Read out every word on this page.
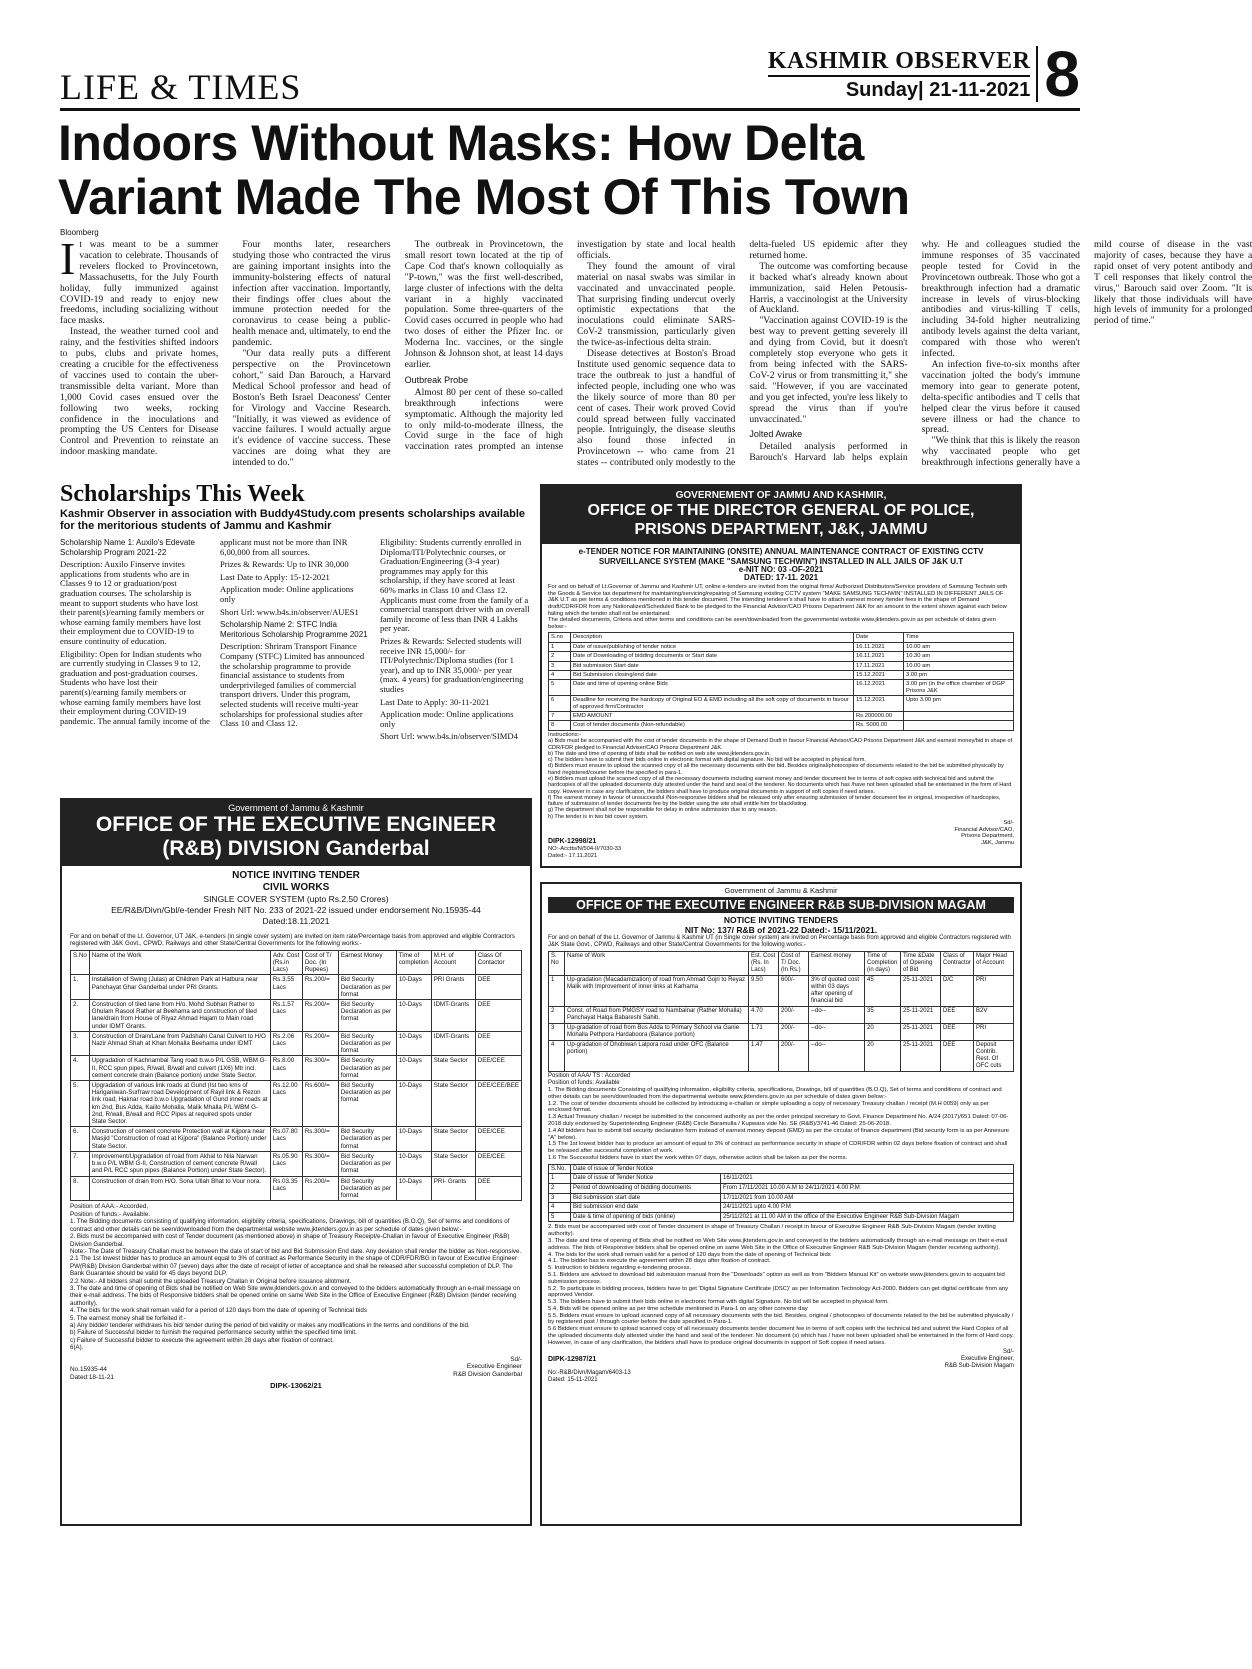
LIFE & TIMES
KASHMIR OBSERVER
Sunday| 21-11-2021 8
Indoors Without Masks: How Delta
Variant Made The Most Of This Town
Bloomberg

It was meant to be a summer vacation to celebrate. Thousands of revelers flocked to Provincetown, Massachusetts, for the July Fourth holiday, fully immunized against COVID-19 and ready to enjoy new freedoms, including socializing without face masks.

Instead, the weather turned cool and rainy, and the festivities shifted indoors to pubs, clubs and private homes, creating a crucible for the effectiveness of vaccines used to contain the uber-transmissible delta variant. More than 1,000 Covid cases ensued over the following two weeks, rocking confidence in the inoculations and prompting the US Centers for Disease Control and Prevention to reinstate an indoor masking mandate.

Four months later, researchers studying those who contracted the virus are gaining important insights into the immunity-bolstering effects of natural infection after vaccination. Importantly, their findings offer clues about the immune protection needed for the coronavirus to cease being a public-health menace and, ultimately, to end the pandemic.

"Our data really puts a different perspective on the Provincetown cohort," said Dan Barouch, a Harvard Medical School professor and head of Boston's Beth Israel Deaconess' Center for Virology and Vaccine Research. "Initially, it was viewed as evidence of vaccine failures. I would actually argue it's evidence of vaccine success. These vaccines are doing what they are intended to do."

The outbreak in Provincetown, the small resort town located at the tip of Cape Cod that's known colloquially as "P-town," was the first well-described, large cluster of infections with the delta variant in a highly vaccinated population. Some three-quarters of the Covid cases occurred in people who had two doses of either the Pfizer Inc. or Moderna Inc. vaccines, or the single Johnson & Johnson shot, at least 14 days earlier.

Outbreak Probe

Almost 80 per cent of these so-called breakthrough infections were symptomatic. Although the majority led to only mild-to-moderate illness, the Covid surge in the face of high vaccination rates prompted an intense investigation by state and local health officials.

They found the amount of viral material on nasal swabs was similar in vaccinated and unvaccinated people. That surprising finding undercut overly optimistic expectations that the inoculations could eliminate SARS-CoV-2 transmission, particularly given the twice-as-infectious delta strain.

Disease detectives at Boston's Broad Institute used genomic sequence data to trace the outbreak to just a handful of infected people, including one who was the likely source of more than 80 per cent of cases. Their work proved Covid could spread between fully vaccinated people. Intriguingly, the disease sleuths also found those infected in Provincetown -- who came from 21 states -- contributed only modestly to the delta-fueled US epidemic after they returned home.

The outcome was comforting because it backed what's already known about immunization, said Helen Petousis-Harris, a vaccinologist at the University of Auckland.

"Vaccination against COVID-19 is the best way to prevent getting severely ill and dying from Covid, but it doesn't completely stop everyone who gets it from being infected with the SARS-CoV-2 virus or from transmitting it," she said. "However, if you are vaccinated and you get infected, you're less likely to spread the virus than if you're unvaccinated."

Jolted Awake

Detailed analysis performed in Barouch's Harvard lab helps explain why. He and colleagues studied the immune responses of 35 vaccinated people tested for Covid in the Provincetown outbreak. Those who got a breakthrough infection had a dramatic increase in levels of virus-blocking antibodies and virus-killing T cells, including 34-fold higher neutralizing antibody levels against the delta variant, compared with those who weren't infected.

An infection five-to-six months after vaccination jolted the body's immune memory into gear to generate potent, delta-specific antibodies and T cells that helped clear the virus before it caused severe illness or had the chance to spread.

"We think that this is likely the reason why vaccinated people who get breakthrough infections generally have a mild course of disease in the vast majority of cases, because they have a rapid onset of very potent antibody and T cell responses that likely control the virus," Barouch said over Zoom. "It is likely that those individuals will have high levels of immunity for a prolonged period of time."

Scholarships This Week
Kashmir Observer in association with Buddy4Study.com presents scholarships available for the meritorious students of Jammu and Kashmir

Scholarship Name 1: Auxilo's Edevate Scholarship Program 2021-22

Description: Auxilo Finserve invites applications from students who are in Classes 9 to 12 or graduation/post graduation courses. The scholarship is meant to support students who have lost their parent(s)/earning family members or whose earning family members have lost their employment due to COVID-19 to ensure continuity of education.

Eligibility: Open for Indian students who are currently studying in Classes 9 to 12, graduation and post-graduation courses. Students who have lost their parent(s)/earning family members or whose earning family members have lost their employment during COVID-19 pandemic. The annual family income of the applicant must not be more than INR 6,00,000 from all sources.

Prizes & Rewards: Up to INR 30,000

Last Date to Apply: 15-12-2021

Application mode: Online applications only

Short Url: www.b4s.in/observer/AUES1

Scholarship Name 2: STFC India Meritorious Scholarship Programme 2021

Description: Shriram Transport Finance Company (STFC) Limited has announced the scholarship programme to provide financial assistance to students from underprivileged families of commercial transport drivers. Under this program, selected students will receive multi-year scholarships for professional studies after Class 10 and Class 12.

Eligibility: Students currently enrolled in Diploma/ITI/Polytechnic courses, or Graduation/Engineering (3-4 year) programmes may apply for this scholarship, if they have scored at least 60% marks in Class 10 and Class 12. Applicants must come from the family of a commercial transport driver with an overall family income of less than INR 4 Lakhs per year.

Prizes & Rewards: Selected students will receive INR 15,000/- for ITI/Polytechnic/Diploma studies (for 1 year), and up to INR 35,000/- per year (max. 4 years) for graduation/engineering studies

Last Date to Apply: 30-11-2021

Application mode: Online applications only

Short Url: www.b4s.in/observer/SIMD4

GOVERNEMENT OF JAMMU AND KASHMIR,
OFFICE OF THE DIRECTOR GENERAL OF POLICE,
PRISONS DEPARTMENT, J&K, JAMMU
e-TENDER NOTICE FOR MAINTAINING (ONSITE) ANNUAL MAINTENANCE CONTRACT OF EXISTING CCTV SURVEILLANCE SYSTEM (MAKE "SAMSUNG TECHWIN") INSTALLED IN ALL JAILS OF J&K U.T
e-NIT NO: 03 -OF-2021
DATED: 17-11. 2021
For and on behalf of Lt.Governor of Jammu and Kashmir UT, online e-tenders are invited from the original firms/ Authorized Distributors/Service providers of Samsung Techwin with the Goods & Service tax department for maintaining/servicing/repairing of Samsung existing CCTV system "MAKE SAMSUNG TECHWIN" INSTALLED IN DIFFERENT JAILS OF J&K U.T as per terms & conditions mentioned in this tender document. The intending tenderer's shall have to attach earnest money /tender fees in the shape of Demand draft/CDR/FDR from any Nationalized/Scheduled Bank to be pledged to the Financial Advisor/CAO Prisons Department J&K for an amount to the extent shown against each below failing which the tender shall not be entertained.
The detailed documents, Criteria and other terms and conditions can be seen/downloaded from the governmental website www.jktenders.gov.in as per schedule of dates given below:-
S.no	Description	Date	Time
1	Date of issue/publishing of tender notice	16.11.2021	10.00 am
2	Date of Downloading of bidding documents or Start date	16.11.2021	10.30 am
3	Bid submission Start date	17.11.2021	10.00 am
4	Bid Submission closing/end date	15.12.2021	3.00 pm
5	Date and time of opening online Bids	16.12.2021	3.00 pm (in the office chamber of DGP Prisons J&K
6	Deadline for receiving the hardcopy of Original EO & EMD including all the soft copy of documents in favour of approved firm/Contractor	15.12.2021	Upto 3.00 pm
7	EMD AMOUNT	Rs.200000.00	
8	Cost of tender documents (Non-refundable)	Rs. 5000.00	
Instructions:-
a) Bids must be accompanied with the cost of tender documents in the shape of Demand Draft in favour Financial Advisor/CAO Prisons Department J&K and earnest money/bid in shape of CDR/FDR pledged to Financial Adviser/CAO Prisons Department J&K.
b) The date and time of opening of bids shall be notified on web site www.jktenders.gov.in.
c) The bidders have to submit their bids online in electronic format with digital signature. No bid will be accepted in physical form.
d) Bidders must ensure to upload the scanned copy of all the necessary documents with the bid. Besides original/photocopies of documents related to the bid be submitted physically by hand /registered/courier before the specified in para-1.
e) Bidders must upload the scanned copy of all the necessary documents including earnest money and tender document fee in terms of soft copies with technical bid and submit the hardcopies of all the uploaded documents duly attested under the hand and seal of the tenderer. No documents which has /have not been uploaded shall be entertained in the form of Hard copy. However in case any clarification, the bidders shall have to produce original documents in support of soft copies if need arises.
f) The earnest money in favour of unsuccessful /Non-responsive bidders shall be released only after ensuring submission of tender document fee in original, irrespective of hardcopies, failure of submission of tender documents fee by the bidder using the site shall entitle him for blacklisting.
g) The department shall not be responsible for delay in online submission due to any reason.
h) The tender is in two bid cover system.
Sd/-
Financial Advisor/CAO,
Prisons Department,
J&K, Jammu
DIPK-12998/21
NO:-Acctts/N/504-II/7030-33
Dated:- 17.11.2021
Government of Jammu & Kashmir
OFFICE OF THE EXECUTIVE ENGINEER
(R&B) DIVISION Ganderbal
NOTICE INVITING TENDER
CIVIL WORKS
SINGLE COVER SYSTEM (upto Rs.2.50 Crores)
EE/R&B/Divn/Gbl/e-tender Fresh NIT No. 233 of 2021-22 issued under endorsement No.15935-44
Dated:18.11.2021
For and on behalf of the Lt. Governor, UT J&K, e-tenders (in single cover system) are invited on item rate/Percentage basis from approved and eligible Contractors registered with J&K Govt., CPWD, Railways and other State/Central Governments for the following works:-
S.No	Name of the Work	Adv. Cost (Rs.in Lacs)	Cost of T/ Doc. (In Rupees)	Earnest Money	Time of completion	M.H. of Account	Class Of Contactor
1.	Installation of Swing (Julas) at Children Park at Hatbura near Panchayat Ghar Ganderbal under PRI Grants.	Rs.3.55 Lacs	Rs.200/=	Bid Security Declaration as per format	10-Days	PRI Grants	DEE
2.	Construction of tiled lane from H/o. Mohd Subhan Rather to Ghulam Rasool Rather at Beehama and construction of tiled lane/drain from House of Riyaz Ahmad Hajam to Main road under IDMT Grants.	Rs.1.57 Lacs	Rs.200/=	Bid Security Declaration as per format	10-Days	IDMT-Grants	DEE
3.	Construction of Drain/Lane from Padshahi Canal Culvert to H/O Nazir Ahmad Shah at Khan Mohalla Beehama under IDMT	Rs.2.06 Lacs	Rs.200/=	Bid Security Declaration as per format	10-Days	IDMT-Grants	DEE
4.	Upgradation of Kachnambal Tang road b.w.o P/L GSB, WBM G-II, RCC spun pipes, R/wall, B/wall and culvert (1X6) Mtr incl. cement concrete drain (Balance portion) under State Sector.	Rs.8.00 Lacs	Rs.300/=	Bid Security Declaration as per format	10-Days	State Sector	DEE/CEE
5.	Upgradation of various link roads at Gund (Ist two kms of Hariganiwan-Surfraw road Development of Rayil link & Rezon link road, Haknar road b.w.o Upgradation of Gund inner roads at km 2nd, Bus Adda, Kaiilo Mohalla, Malik Mhalla P/L WBM G-2nd, R/wall, B/wall and RCC Pipes at required spots under State Sector.	Rs.12.00 Lacs	Rs.600/=	Bid Security Declaration as per format	10-Days	State Sector	DEE/CEE/BEE
6.	Construction of cement concrete Protection wall at Kijpora near Masjid "Construction of road at Kijpora" (Balance Portion) under State Sector.	Rs.07.80 Lacs	Rs.300/=	Bid Security Declaration as per format	10-Days	State Sector	DEE/CEE
7.	Improvement/Upgradation of road from Akhal to Nila Narwan b.w.o P/L WBM G-II, Construction of cement concrete R/wall and P/L RCC spun pipes (Balance Portion) under State Sector).	Rs.05.90 Lacs	Rs.300/=	Bid Security Declaration as per format	10-Days	State Sector	DEE/CEE
8.	Construction of drain from H/O. Sona Ullah Bhat to Vour nora.	Rs.03.35 Lacs	Rs.200/=	Bid Security Declaration as per format	10-Days	PRI- Grants	DEE
Position of AAA:- Accorded,
Position of funds:- Available.
1. The Bidding documents consisting of qualifying information, eligibility criteria, specifications, Drawings, bill of quantities (B.O.Q), Set of terms and conditions of contract and other details can be seen/downloaded from the departmental website www.jktenders.gov.in as per schedule of dates given below:-
2. Bids must be accompanied with cost of Tender document (as mentioned above) in shape of Treasury Receipt/e-Challan in favour of Executive Engineer (R&B) Division Ganderbal.
Note:- The Date of Treasury Challan must be between the date of start of bid and Bid Submission End date. Any deviation shall render the bidder as Non-responsive.
2.1 The 1st lowest bidder has to produce an amount equal to 3% of contract as Performance Security in the shape of CDR/FDR/BG in favour of Executive Engineer PW(R&B) Division Ganderbal within 07 (seven) days after the date of receipt of letter of acceptance and shall be released after successful completion of DLP. The Bank Guarantee should be valid for 45 days beyond DLP.
2.2 Note:- All bidders shall submit the uploaded Treasury Challan in Original before issuance allotment.
3. The date and time of opening of Bids shall be notified on Web Site www.jktenders.gov.in and conveyed to the bidders automatically through an e-mail message on their e-mail address. The bids of Responsive bidders shall be opened online on same Web Site in the Office of Executive Engineer (R&B) Division (tender receiving authority).
4. The bids for the work shall remain valid for a period of 120 days from the date of opening of Technical bids
5. The earnest money shall be forfeited if:-
a) Any bidder/ tenderer withdraws his bid/ tender during the period of bid validity or makes any modifications in the terms and conditions of the bid.
b) Failure of Successful bidder to furnish the required performance security within the specified time limit.
c) Failure of Successful bidder to execute the agreement within 28 days after fixation of contract.
6(A).
Sd/-
Executive Engineer
R&B Division Ganderbal
No.15935-44
Dated:18-11-21
DIPK-13062/21
Government of Jammu & Kashmir
OFFICE OF THE EXECUTIVE ENGINEER R&B SUB-DIVISION MAGAM
NOTICE INVITING TENDERS
NIT No: 137/ R&B of 2021-22 Dated:- 15/11/2021.
For and on behalf of the Lt. Governor of Jammu & Kashmir UT (in Single cover system) are invited on Percentage basis from approved and eligible Contractors registered with J&K State Govt., CPWD, Railways and other State/Central Governments for the following works:-
S. No	Name of Work	Est. Cost (Rs. In Lacs)	Cost of T/ Doc. (In Rs.)	Earnest money	Time of Completion (in days)	Time &Date of Opening of Bid	Class of Contractor	Major Head of Account
1	Up-gradation (Macadamization) of road from Ahmad Gojri to Reyaz Malik with Improvement of inner links at Karhama	9.50	600/-	3% of quoted cost within 03 days after opening of financial bid	45	25-11-2021	D/C	PRI
2	Const. of Road from PMGSY road to Nambalnar (Rather Mohalla) Panchayat Halqa Babareshi Sahib.	4.70	200/-	--do--	35	25-11-2021	DEE	B2V
3	Up-gradation of road from Bus Adda to Primary School via Ganie Mohalla Pethpora Hardaboora (Balance portion)	1.71	200/-	--do--	20	25-11-2021	DEE	PRI
4	Up-gradation of Dhobiwan Lalpora road under OFC (Balance portion)	1.47	200/-	--do--	20	25-11-2021	DEE	Deposit Contrib. Rest. Of OFC cuts
Position of AAA/ TS : Accorded
Position of funds: Available
1. The Bidding documents Consisting of qualifying information, eligibility criteria, specifications, Drawings, bill of quantities (B.O.Q), Set of terms and conditions of contract and other details can be seen/downloaded from the departmental website www.jktenders.gov.in as per schedule of dates given below:-
1.2. The cost of tender documents should be collected by introducing e-challan or simple uploading a copy of necessary Treasury challan / receipt (M.H 0059) only as per enclosed format.
1.3 Actual Treasury challan / receipt be submitted to the concerned authority as per the order principal secretary to Govt. Finance Department No. A/24 (2017)/651 Dated: 07-06-2018 duly endorsed by Superintending Engineer (R&B) Circle Baramulla / Kupwara vide No. SE (R&B)/3741-46 Dated: 25-06-2018.
1.4 All bidders has to submit bid security declaration form instead of earnest money deposit (EMD) as per the circular of finance department (Bid security form is as per Annexure "A" below).
1.5 The 1st lowest bidder has to produce an amount of equal to 3% of contract as performance security in shape of CDR/FDR within 02 days before fixation of contract and shall be released after successful completion of work.
1.6 The Successful bidders have to start the work within 07 days, otherwise action shall be taken as per the norms.
S.No.	Date of issue of Tender Notice	
1	Date of issue of Tender Notice	16/11/2021
2	Period of downloading of bidding documents	From 17/11/2021 10.00 A.M to 24/11/2021 4.00 P.M
3	Bid submission start date	17/11/2021 from 10.00 AM
4	Bid submission end date	24/11/2021 upto 4.00 P.M
5	Date & time of opening of bids (online)	25/11/2021 at 11.00 AM in the office of the Executive Engineer R&B Sub-Division Magam
2. Bids must be accompanied with cost of Tender document in shape of Treasury Challan / receipt in favour of Executive Engineer R&B Sub-Division Magam (tender inviting authority).
3. The date and time of opening of Bids shall be notified on Web Site www.jktenders.gov.in and conveyed to the bidders automatically through an e-mail message on their e-mail address. The bids of Responsive bidders shall be opened online on same Web Site in the Office of Executive Engineer R&B Sub-Division Magam (tender receiving authority).
4. The bids for the work shall remain valid for a period of 120 days from the date of opening of Technical bids
4.1. The bidder has to execute the agreement within 28 days after fixation of contract.
5. Instruction to bidders regarding e-tendering process.
5.1. Bidders are advised to download bid submission manual from the "Downloads" option as well as from "Bidders Manual Kit" on website www.jktenders.gov.in to acquaint bid submission process.
5.2. To participate in bidding process, bidders have to get 'Digital Signature Certificate (DSC)' as per Information Technology Act-2000. Bidders can get digital certificate from any approved Vendor.
5.3. The bidders have to submit their bids online in electronic format with digital Signature. No bid will be accepted in physical form.
5.4. Bids will be opened online as per time schedule mentioned in Para-1 on any other convene day
5.5. Bidders must ensure to upload scanned copy of all necessary documents with the bid. Besides, original / photocopies of documents related to the bid be submitted physically / by registered post / through courier before the date specified in Para-1.
5.6 Bidders must ensure to upload scanned copy of all necessary documents tender document fee in terms of soft copies with the technical bid and submit the Hard Copies of all the uploaded documents duly attested under the hand and seal of the tenderer. No document (s) which has / have not been uploaded shall be entertained in the form of Hard copy. However, in case of any clarification, the bidders shall have to produce original documents in support of Soft copies if need arises.
Sd/-
Executive Engineer,
R&B Sub-Division Magam
DIPK-12987/21
No:-R&B/Divn/Magam/6403-13
Dated: 15-11-2021
